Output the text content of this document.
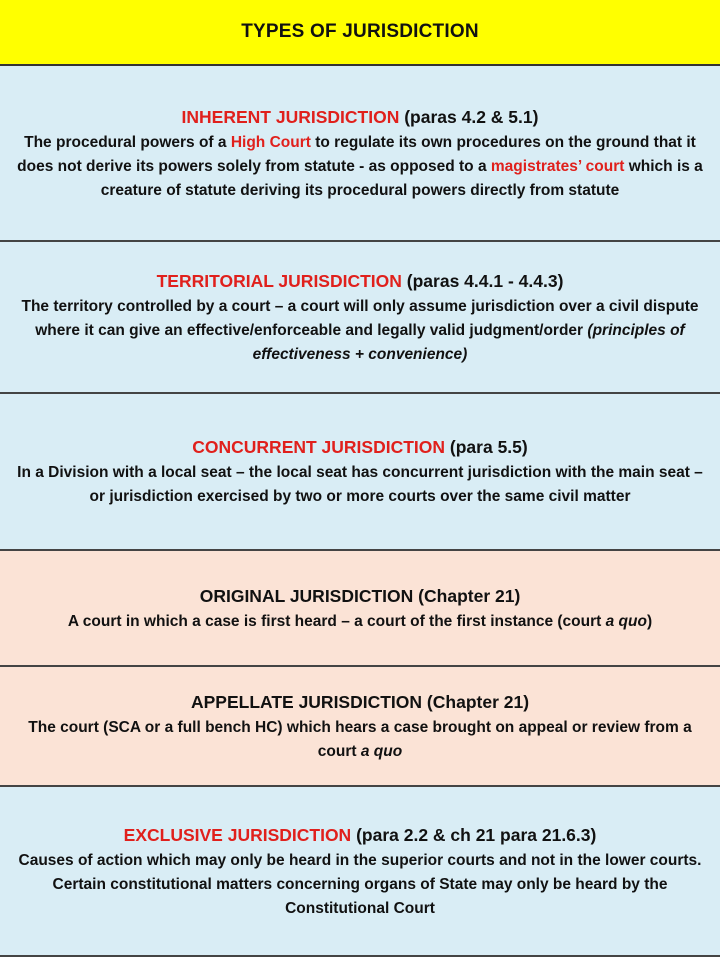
TYPES OF JURISDICTION
INHERENT JURISDICTION (paras 4.2 & 5.1)
The procedural powers of a High Court to regulate its own procedures on the ground that it does not derive its powers solely from statute - as opposed to a magistrates’ court which is a creature of statute deriving its procedural powers directly from statute
TERRITORIAL JURISDICTION (paras 4.4.1 - 4.4.3)
The territory controlled by a court – a court will only assume jurisdiction over a civil dispute where it can give an effective/enforceable and legally valid judgment/order (principles of effectiveness + convenience)
CONCURRENT JURISDICTION (para 5.5)
In a Division with a local seat – the local seat has concurrent jurisdiction with the main seat – or jurisdiction exercised by two or more courts over the same civil matter
ORIGINAL JURISDICTION (Chapter 21)
A court in which a case is first heard – a court of the first instance (court a quo)
APPELLATE JURISDICTION (Chapter 21)
The court (SCA or a full bench HC) which hears a case brought on appeal or review from a court a quo
EXCLUSIVE JURISDICTION (para 2.2 & ch 21 para 21.6.3)
Causes of action which may only be heard in the superior courts and not in the lower courts.
Certain constitutional matters concerning organs of State may only be heard by the Constitutional Court
